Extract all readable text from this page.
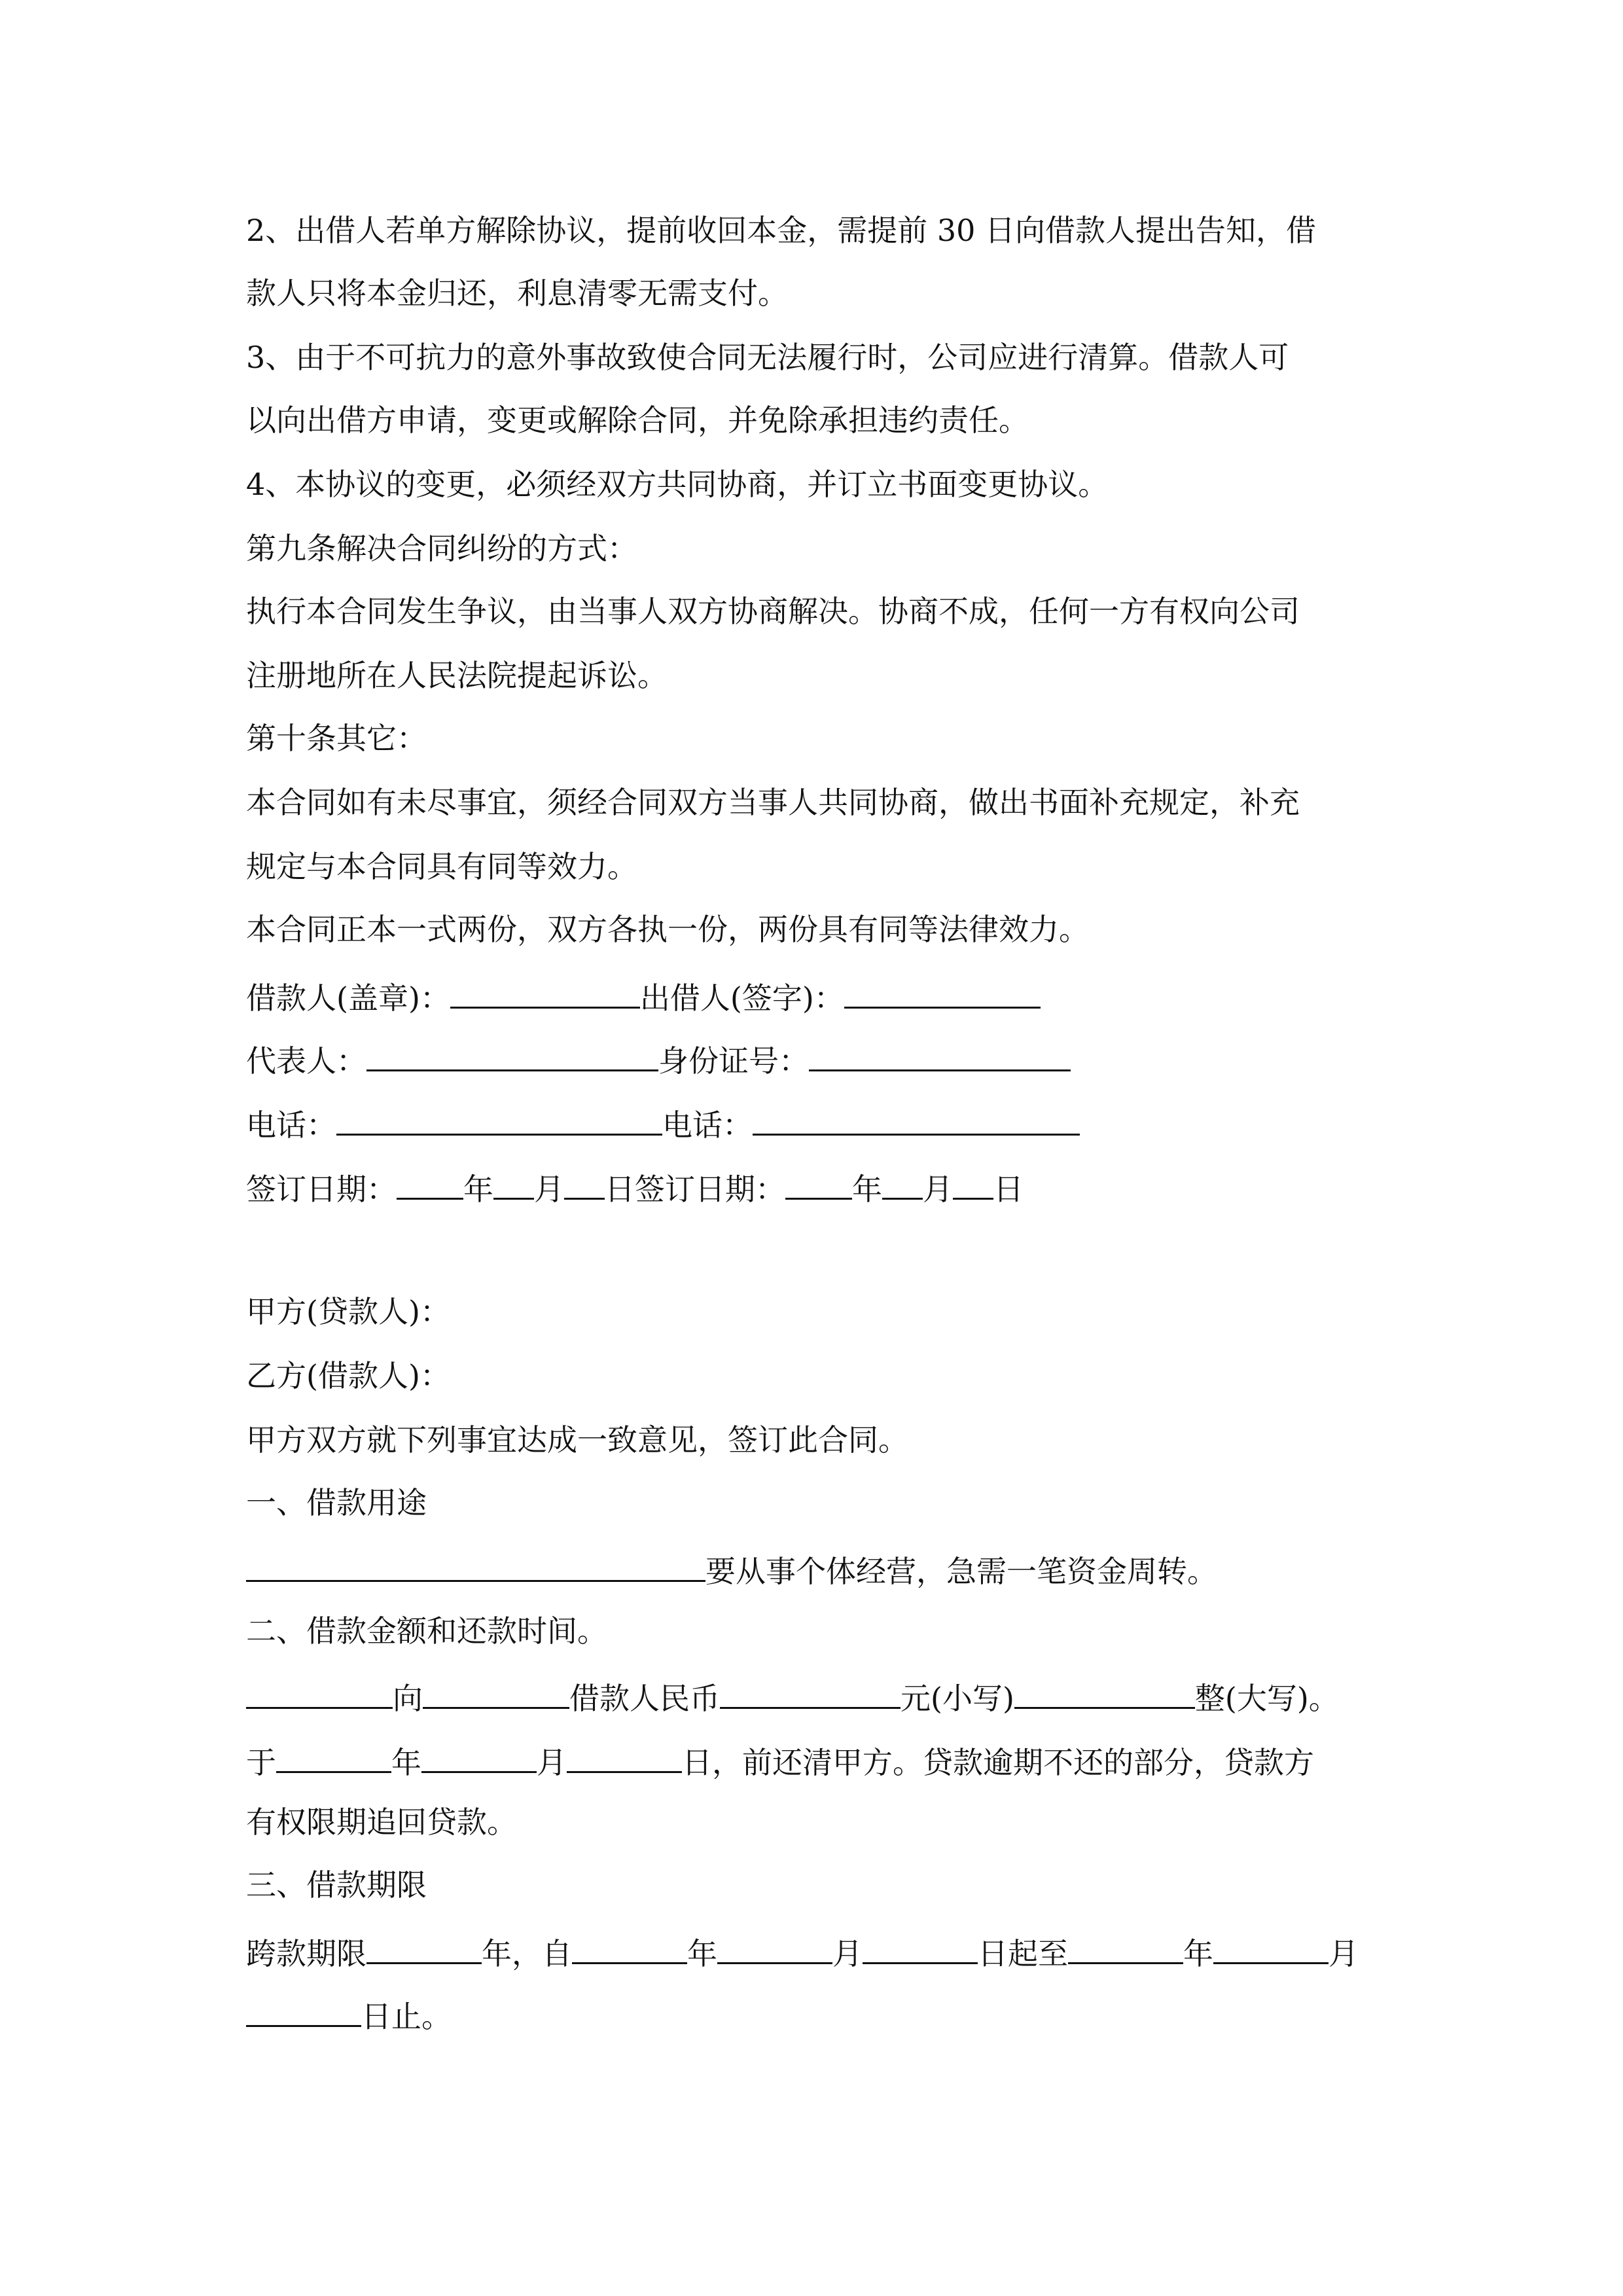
2、出借人若单方解除协议，提前收回本金，需提前 30 日向借款人提出告知，借
款人只将本金归还，利息清零无需支付。
3、由于不可抗力的意外事故致使合同无法履行时，公司应进行清算。借款人可
以向出借方申请，变更或解除合同，并免除承担违约责任。
4、本协议的变更，必须经双方共同协商，并订立书面变更协议。
第九条解决合同纠纷的方式：
执行本合同发生争议，由当事人双方协商解决。协商不成，任何一方有权向公司
注册地所在人民法院提起诉讼。
第十条其它：
本合同如有未尽事宜，须经合同双方当事人共同协商，做出书面补充规定，补充
规定与本合同具有同等效力。
本合同正本一式两份，双方各执一份，两份具有同等法律效力。
借款人(盖章)：	出借人(签字)：
代表人：	身份证号：
电话：	电话：
签订日期： 年 月 日签订日期： 年 月 日
甲方(贷款人)：
乙方(借款人)：
甲方双方就下列事宜达成一致意见，签订此合同。
一、借款用途
要从事个体经营，急需一笔资金周转。
二、借款金额和还款时间。
向	借款人民币	元(小写)	整(大写)。
于	年	月	日，前还清甲方。贷款逾期不还的部分，贷款方
有权限期追回贷款。
三、借款期限
跨款期限	年，自	年	月	日起至	年	月
日止。
